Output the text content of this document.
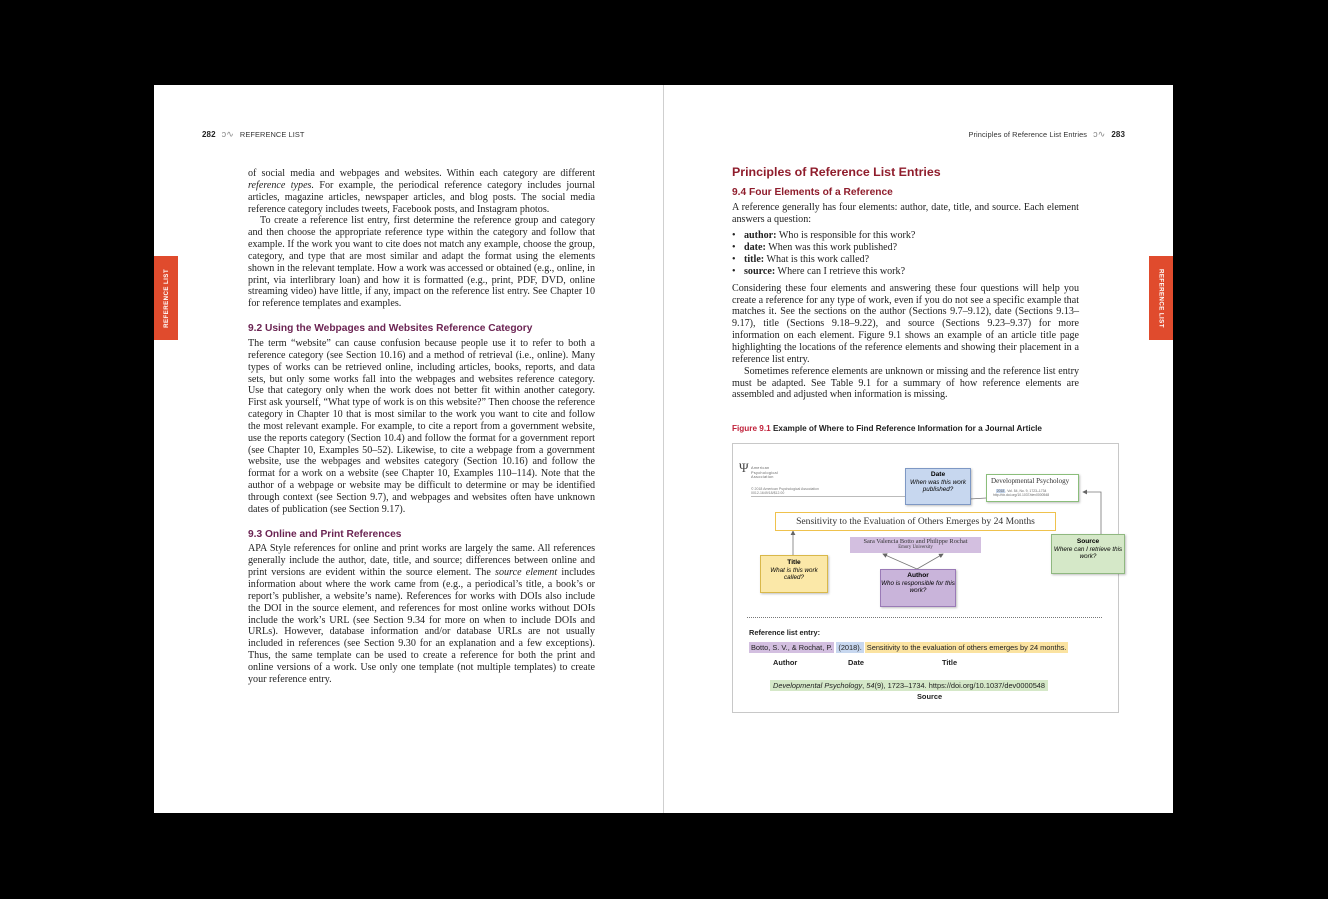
282 ↄ∿ REFERENCE LIST
REFERENCE LIST

of social media and webpages and websites. Within each category are different reference types. For example, the periodical reference category includes journal articles, magazine articles, newspaper articles, and blog posts. The social media reference category includes tweets, Facebook posts, and Instagram photos.

To create a reference list entry, first determine the reference group and category and then choose the appropriate reference type within the category and follow that example. If the work you want to cite does not match any example, choose the group, category, and type that are most similar and adapt the format using the elements shown in the relevant template. How a work was accessed or obtained (e.g., online, in print, via interlibrary loan) and how it is formatted (e.g., print, PDF, DVD, online streaming video) have little, if any, impact on the reference list entry. See Chapter 10 for reference templates and examples.

9.2 Using the Webpages and Websites Reference Category

The term “website” can cause confusion because people use it to refer to both a reference category (see Section 10.16) and a method of retrieval (i.e., online). Many types of works can be retrieved online, including articles, books, reports, and data sets, but only some works fall into the webpages and websites reference category. Use that category only when the work does not better fit within another category. First ask yourself, “What type of work is on this website?” Then choose the reference category in Chapter 10 that is most similar to the work you want to cite and follow the most relevant example. For example, to cite a report from a government website, use the reports category (Section 10.4) and follow the format for a government report (see Chapter 10, Examples 50–52). Likewise, to cite a webpage from a government website, use the webpages and websites category (Section 10.16) and follow the format for a work on a website (see Chapter 10, Examples 110–114). Note that the author of a webpage or website may be difficult to determine or may be identified through context (see Section 9.7), and webpages and websites often have unknown dates of publication (see Section 9.17).

9.3 Online and Print References

APA Style references for online and print works are largely the same. All references generally include the author, date, title, and source; differences between online and print versions are evident within the source element. The source element includes information about where the work came from (e.g., a periodical’s title, a book’s or report’s publisher, a website’s name). References for works with DOIs also include the DOI in the source element, and references for most online works without DOIs include the work’s URL (see Section 9.34 for more on when to include DOIs and URLs). However, database information and/or database URLs are not usually included in references (see Section 9.30 for an explanation and a few exceptions). Thus, the same template can be used to create a reference for both the print and online versions of a work. Use only one template (not multiple templates) to create your reference entry.

Principles of Reference List Entries ↄ∿ 283
REFERENCE LIST
Principles of Reference List Entries
9.4 Four Elements of a Reference

A reference generally has four elements: author, date, title, and source. Each element answers a question:

• author: Who is responsible for this work?
• date: When was this work published?
• title: What is this work called?
• source: Where can I retrieve this work?

Considering these four elements and answering these four questions will help you create a reference for any type of work, even if you do not see a specific example that matches it. See the sections on the author (Sections 9.7–9.12), date (Sections 9.13–9.17), title (Sections 9.18–9.22), and source (Sections 9.23–9.37) for more information on each element. Figure 9.1 shows an example of an article title page highlighting the locations of the reference elements and showing their placement in a reference list entry.

Sometimes reference elements are unknown or missing and the reference list entry must be adapted. See Table 9.1 for a summary of how reference elements are assembled and adjusted when information is missing.

Figure 9.1 Example of Where to Find Reference Information for a Journal Article
Ψ American
Psychological
Association
© 2018 American Psychological Association
0012-1649/18/$12.00
Date
When was this work published?
Developmental Psychology
2018, Vol. 54, No. 9, 1723–1734
http://dx.doi.org/10.1037/dev0000548
Sensitivity to the Evaluation of Others Emerges by 24 Months
Sara Valencia Botto and Philippe Rochat
Emory University
Title
What is this work called?	Author
Who is responsible for this work?
Source
Where can I retrieve this work?
Reference list entry:
Botto, S. V., & Rochat, P. (2018). Sensitivity to the evaluation of others emerges by 24 months.
Author	Date	Title
Developmental Psychology, 54(9), 1723–1734. https://doi.org/10.1037/dev0000548
Source
